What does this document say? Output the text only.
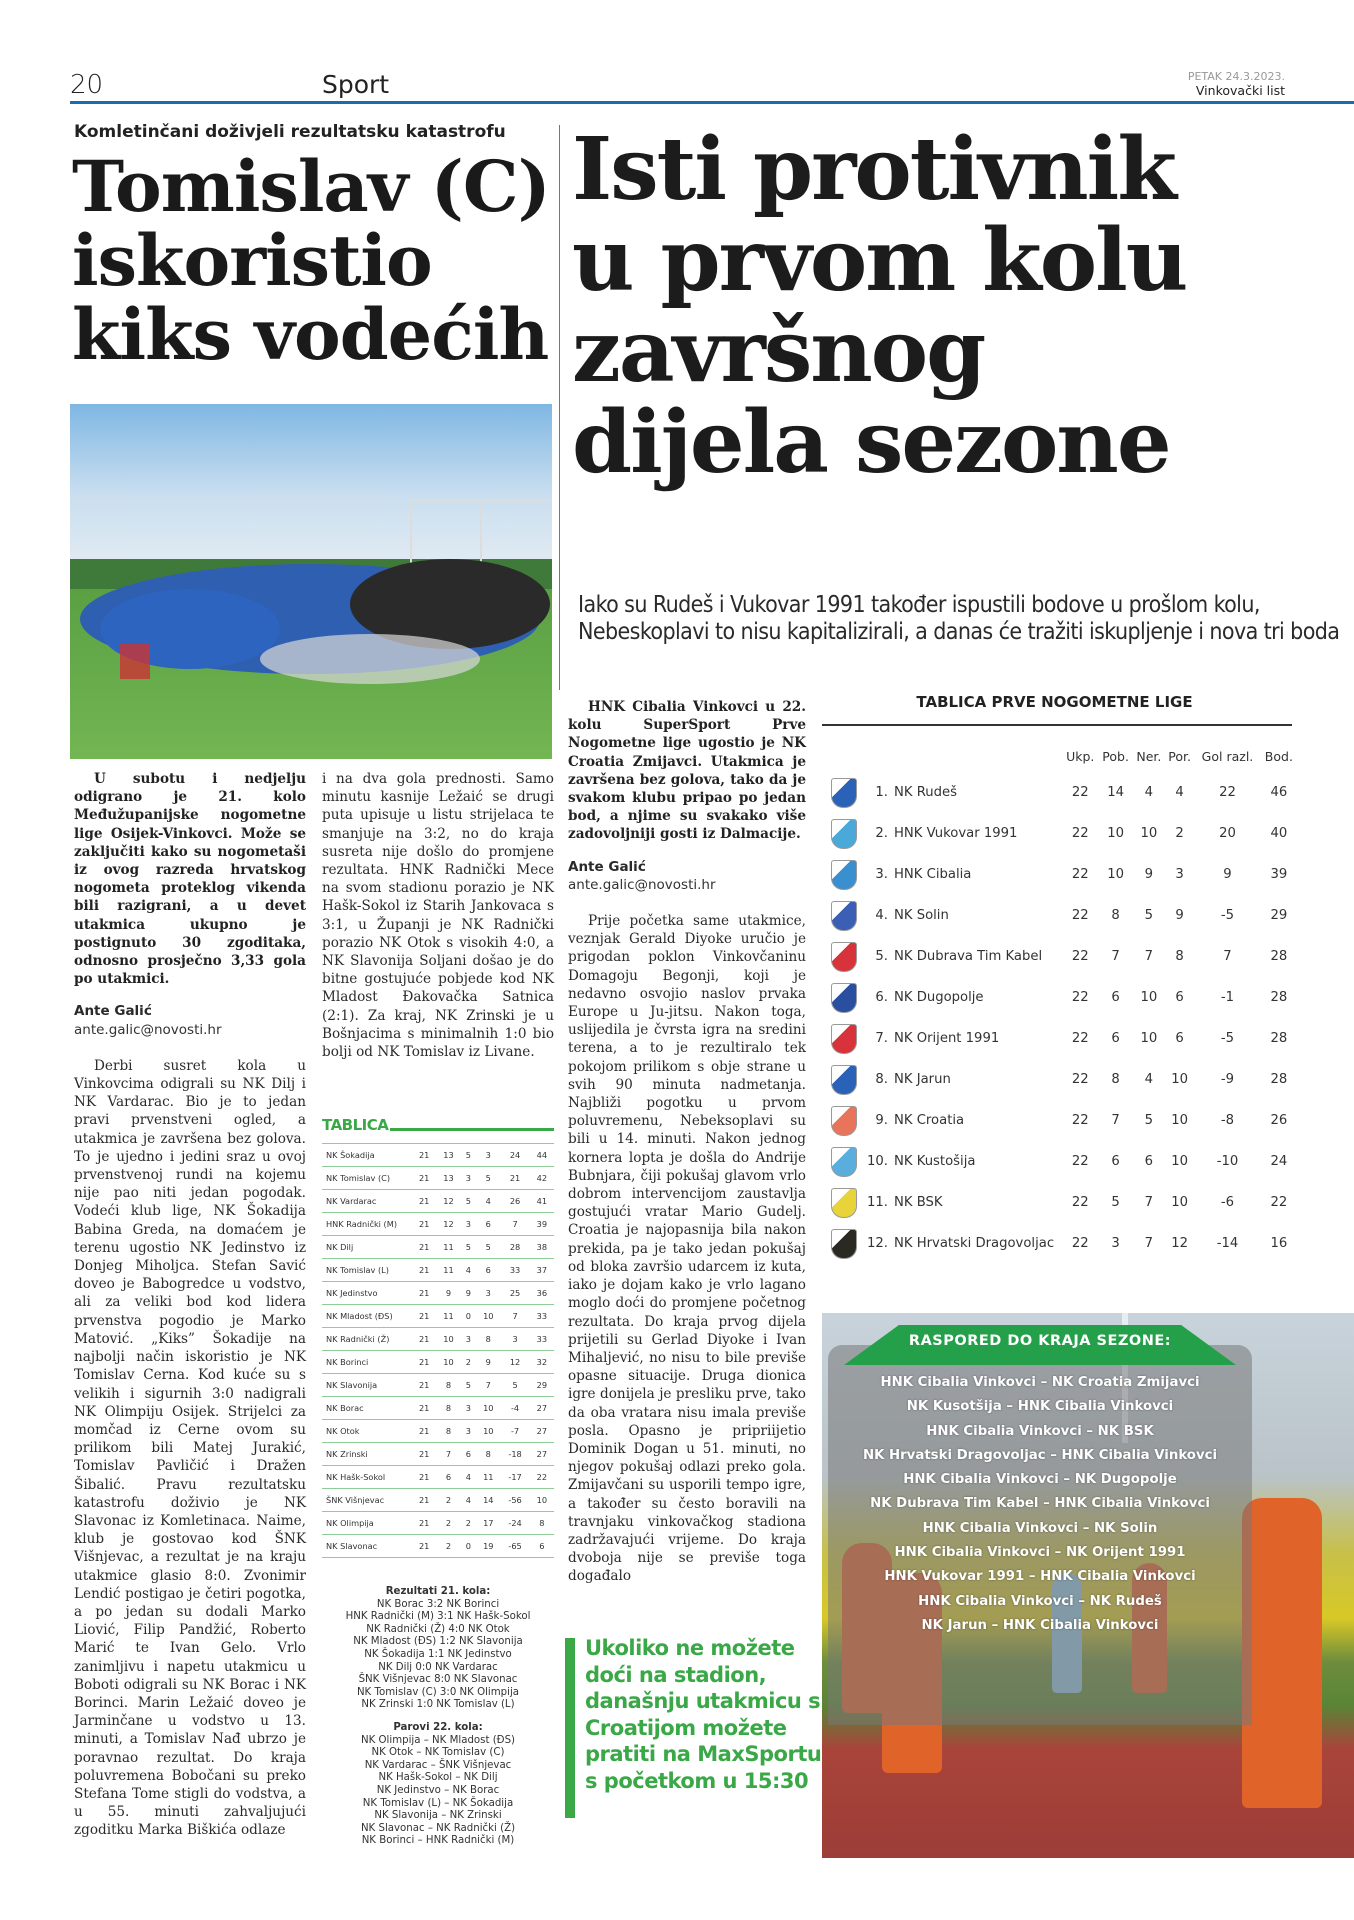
20	Sport	PETAK 24.3.2023.
Vinkovački list
Komletinčani doživjeli rezultatsku katastrofu
Tomislav (C)
iskoristio
kiks vodećih

U subotu i nedjelju odigrano je 21. kolo Međužupanijske nogometne lige Osijek-Vinkovci. Može se zaključiti kako su nogometaši iz ovog razreda hrvatskog nogometa proteklog vikenda bili razigrani, a u devet utakmica ukupno je postignuto 30 zgoditaka, odnosno prosječno 3,33 gola po utakmici.

Ante Galić

ante.galic@novosti.hr

Derbi susret kola u Vinkovcima odigrali su NK Dilj i NK Vardarac. Bio je to jedan pravi prvenstveni ogled, a utakmica je završena bez golova. To je ujedno i jedini sraz u ovoj prvenstvenoj rundi na kojemu nije pao niti jedan pogodak. Vodeći klub lige, NK Šokadija Babina Greda, na domaćem je terenu ugostio NK Jedinstvo iz Donjeg Miholjca. Stefan Savić doveo je Babogredce u vodstvo, ali za veliki bod kod lidera prvenstva pogodio je Marko Matović. „Kiks” Šokadije na najbolji način iskoristio je NK Tomislav Cerna. Kod kuće su s velikih i sigurnih 3:0 nadigrali NK Olimpiju Osijek. Strijelci za momčad iz Cerne ovom su prilikom bili Matej Jurakić, Tomislav Pavličić i Dražen Šibalić. Pravu rezultatsku katastrofu doživio je NK Slavonac iz Komletinaca. Naime, klub je gostovao kod ŠNK Višnjevac, a rezultat je na kraju utakmice glasio 8:0. Zvonimir Lendić postigao je četiri pogotka, a po jedan su dodali Marko Liović, Filip Pandžić, Roberto Marić te Ivan Gelo. Vrlo zanimljivu i napetu utakmicu u Boboti odigrali su NK Borac i NK Borinci. Marin Ležaić doveo je Jarminčane u vodstvo u 13. minuti, a Tomislav Nađ ubrzo je poravnao rezultat. Do kraja poluvremena Bobočani su preko Stefana Tome stigli do vodstva, a u 55. minuti zahvaljujući zgoditku Marka Biškića odlaze

i na dva gola prednosti. Samo minutu kasnije Ležaić se drugi puta upisuje u listu strijelaca te smanjuje na 3:2, no do kraja susreta nije došlo do promjene rezultata. HNK Radnički Mece na svom stadionu porazio je NK Hašk-Sokol iz Starih Jankovaca s 3:1, u Županji je NK Radnički porazio NK Otok s visokih 4:0, a NK Slavonija Soljani došao je do bitne gostujuće pobjede kod NK Mladost Đakovačka Satnica (2:1). Za kraj, NK Zrinski je u Bošnjacima s minimalnih 1:0 bio bolji od NK Tomislav iz Livane.

TABLICA
NK Šokadija	21	13	5	3	24	44
NK Tomislav (C)	21	13	3	5	21	42
NK Vardarac	21	12	5	4	26	41
HNK Radnički (M)	21	12	3	6	7	39
NK Dilj	21	11	5	5	28	38
NK Tomislav (L)	21	11	4	6	33	37
NK Jedinstvo	21	9	9	3	25	36
NK Mladost (ĐS)	21	11	0	10	7	33
NK Radnički (Ž)	21	10	3	8	3	33
NK Borinci	21	10	2	9	12	32
NK Slavonija	21	8	5	7	5	29
NK Borac	21	8	3	10	-4	27
NK Otok	21	8	3	10	-7	27
NK Zrinski	21	7	6	8	-18	27
NK Hašk-Sokol	21	6	4	11	-17	22
ŠNK Višnjevac	21	2	4	14	-56	10
NK Olimpija	21	2	2	17	-24	8
NK Slavonac	21	2	0	19	-65	6
Rezultati 21. kola:
NK Borac 3:2 NK Borinci
HNK Radnički (M) 3:1 NK Hašk-Sokol
NK Radnički (Ž) 4:0 NK Otok
NK Mladost (ĐS) 1:2 NK Slavonija
NK Šokadija 1:1 NK Jedinstvo
NK Dilj 0:0 NK Vardarac
ŠNK Višnjevac 8:0 NK Slavonac
NK Tomislav (C) 3:0 NK Olimpija
NK Zrinski 1:0 NK Tomislav (L)
Parovi 22. kola:
NK Olimpija – NK Mladost (ĐS)
NK Otok – NK Tomislav (C)
NK Vardarac – ŠNK Višnjevac
NK Hašk-Sokol – NK Dilj
NK Jedinstvo – NK Borac
NK Tomislav (L) – NK Šokadija
NK Slavonija – NK Zrinski
NK Slavonac – NK Radnički (Ž)
NK Borinci – HNK Radnički (M)
Isti protivnik
u prvom kolu
završnog
dijela sezone
Iako su Rudeš i Vukovar 1991 također ispustili bodove u prošlom kolu, Nebeskoplavi to nisu kapitalizirali, a danas će tražiti iskupljenje i nova tri boda

HNK Cibalia Vinkovci u 22. kolu SuperSport Prve Nogometne lige ugostio je NK Croatia Zmijavci. Utakmica je završena bez golova, tako da je svakom klubu pripao po jedan bod, a njime su svakako više zadovoljniji gosti iz Dalmacije.

Ante Galić

ante.galic@novosti.hr

Prije početka same utakmice, veznjak Gerald Diyoke uručio je prigodan poklon Vinkovčaninu Domagoju Begonji, koji je nedavno osvojio naslov prvaka Europe u Ju-jitsu. Nakon toga, uslijedila je čvrsta igra na sredini terena, a to je rezultiralo tek pokojom prilikom s obje strane u svih 90 minuta nadmetanja. Najbliži pogotku u prvom poluvremenu, Nebeksoplavi su bili u 14. minuti. Nakon jednog kornera lopta je došla do Andrije Bubnjara, čiji pokušaj glavom vrlo dobrom intervencijom zaustavlja gostujući vratar Mario Gudelj. Croatia je najopasnija bila nakon prekida, pa je tako jedan pokušaj od bloka završio udarcem iz kuta, iako je dojam kako je vrlo lagano moglo doći do promjene početnog rezultata. Do kraja prvog dijela prijetili su Gerlad Diyoke i Ivan Mihaljević, no nisu to bile previše opasne situacije. Druga dionica igre donijela je presliku prve, tako da oba vratara nisu imala previše posla. Opasno je pripriijetio Dominik Dogan u 51. minuti, no njegov pokušaj odlazi preko gola. Zmijavčani su usporili tempo igre, a također su često boravili na travnjaku vinkovačkog stadiona zadržavajući vrijeme. Do kraja dvoboja nije se previše toga događalo

TABLICA PRVE NOGOMETNE LIGE
			Ukp.	Pob.	Ner.	Por.	Gol razl.	Bod.
	1.	NK Rudeš	22	14	4	4	22	46
	2.	HNK Vukovar 1991	22	10	10	2	20	40
	3.	HNK Cibalia	22	10	9	3	9	39
	4.	NK Solin	22	8	5	9	-5	29
	5.	NK Dubrava Tim Kabel	22	7	7	8	7	28
	6.	NK Dugopolje	22	6	10	6	-1	28
	7.	NK Orijent 1991	22	6	10	6	-5	28
	8.	NK Jarun	22	8	4	10	-9	28
	9.	NK Croatia	22	7	5	10	-8	26
	10.	NK Kustošija	22	6	6	10	-10	24
	11.	NK BSK	22	5	7	10	-6	22
	12.	NK Hrvatski Dragovoljac	22	3	7	12	-14	16
RASPORED DO KRAJA SEZONE:
HNK Cibalia Vinkovci – NK Croatia Zmijavci
NK Kusotšija – HNK Cibalia Vinkovci
HNK Cibalia Vinkovci – NK BSK
NK Hrvatski Dragovoljac – HNK Cibalia Vinkovci
HNK Cibalia Vinkovci – NK Dugopolje
NK Dubrava Tim Kabel – HNK Cibalia Vinkovci
HNK Cibalia Vinkovci – NK Solin
HNK Cibalia Vinkovci – NK Orijent 1991
HNK Vukovar 1991 – HNK Cibalia Vinkovci
HNK Cibalia Vinkovci – NK Rudeš
NK Jarun – HNK Cibalia Vinkovci
Ukoliko ne možete doći na stadion, današnju utakmicu s Croatijom možete pratiti na MaxSportu s početkom u 15:30
